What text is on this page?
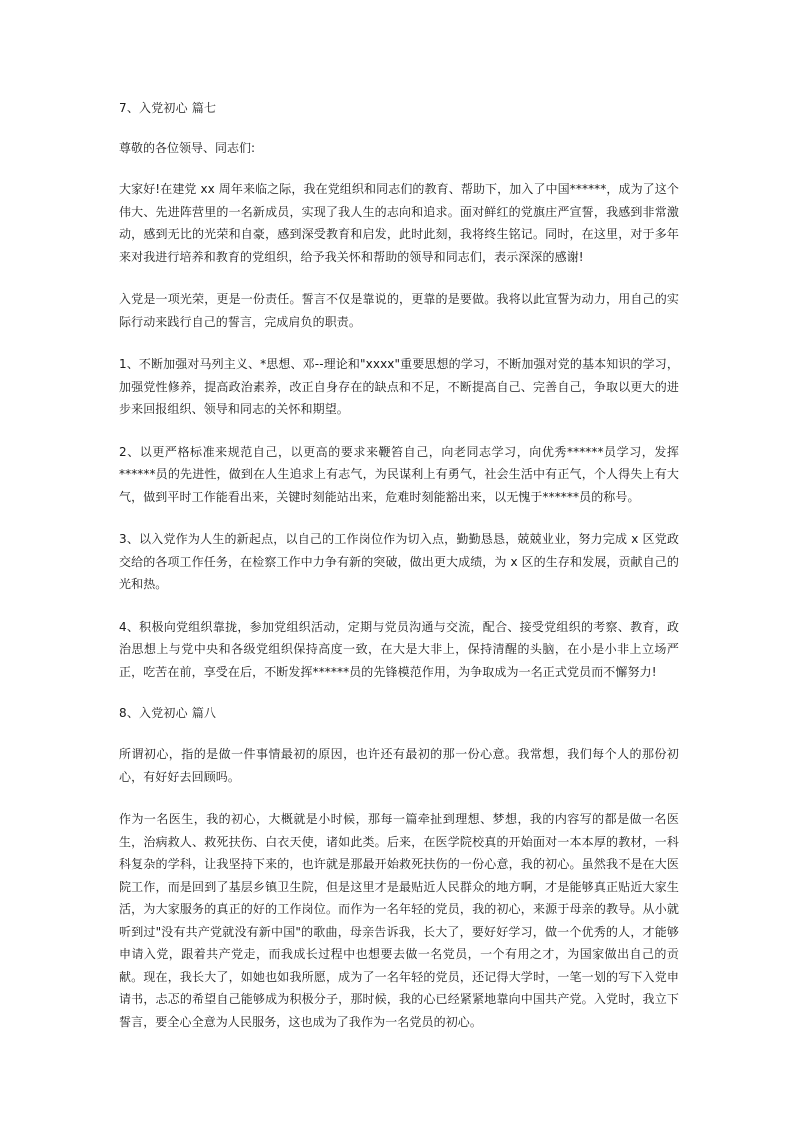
7、入党初心 篇七
尊敬的各位领导、同志们:
大家好!在建党 xx 周年来临之际，我在党组织和同志们的教育、帮助下，加入了中国******，成为了这个伟大、先进阵营里的一名新成员，实现了我人生的志向和追求。面对鲜红的党旗庄严宣誓，我感到非常激动，感到无比的光荣和自豪，感到深受教育和启发，此时此刻，我将终生铭记。同时，在这里，对于多年来对我进行培养和教育的党组织，给予我关怀和帮助的领导和同志们，表示深深的感谢!
入党是一项光荣，更是一份责任。誓言不仅是靠说的，更靠的是要做。我将以此宣誓为动力，用自己的实际行动来践行自己的誓言，完成肩负的职责。
1、不断加强对马列主义、*思想、邓--理论和"xxxx"重要思想的学习，不断加强对党的基本知识的学习，加强党性修养，提高政治素养，改正自身存在的缺点和不足，不断提高自己、完善自己，争取以更大的进步来回报组织、领导和同志的关怀和期望。
2、以更严格标准来规范自己，以更高的要求来鞭笞自己，向老同志学习，向优秀******员学习，发挥******员的先进性，做到在人生追求上有志气，为民谋利上有勇气，社会生活中有正气，个人得失上有大气，做到平时工作能看出来，关键时刻能站出来，危难时刻能豁出来，以无愧于******员的称号。
3、以入党作为人生的新起点，以自己的工作岗位作为切入点，勤勤恳恳，兢兢业业，努力完成 x 区党政交给的各项工作任务，在检察工作中力争有新的突破，做出更大成绩，为 x 区的生存和发展，贡献自己的光和热。
4、积极向党组织靠拢，参加党组织活动，定期与党员沟通与交流，配合、接受党组织的考察、教育，政治思想上与党中央和各级党组织保持高度一致，在大是大非上，保持清醒的头脑，在小是小非上立场严正，吃苦在前，享受在后，不断发挥******员的先锋模范作用，为争取成为一名正式党员而不懈努力!
8、入党初心 篇八
所谓初心，指的是做一件事情最初的原因，也许还有最初的那一份心意。我常想，我们每个人的那份初心，有好好去回顾吗。
作为一名医生，我的初心，大概就是小时候，那每一篇牵扯到理想、梦想，我的内容写的都是做一名医生，治病救人、救死扶伤、白衣天使，诸如此类。后来，在医学院校真的开始面对一本本厚的教材，一科科复杂的学科，让我坚持下来的，也许就是那最开始救死扶伤的一份心意，我的初心。虽然我不是在大医院工作，而是回到了基层乡镇卫生院，但是这里才是最贴近人民群众的地方啊，才是能够真正贴近大家生活，为大家服务的真正的好的工作岗位。而作为一名年轻的党员，我的初心，来源于母亲的教导。从小就听到过"没有共产党就没有新中国"的歌曲，母亲告诉我，长大了，要好好学习，做一个优秀的人，才能够申请入党，跟着共产党走，而我成长过程中也想要去做一名党员，一个有用之才，为国家做出自己的贡献。现在，我长大了，如她也如我所愿，成为了一名年轻的党员，还记得大学时，一笔一划的写下入党申请书，忐忑的希望自己能够成为积极分子，那时候，我的心已经紧紧地靠向中国共产党。入党时，我立下誓言，要全心全意为人民服务，这也成为了我作为一名党员的初心。
